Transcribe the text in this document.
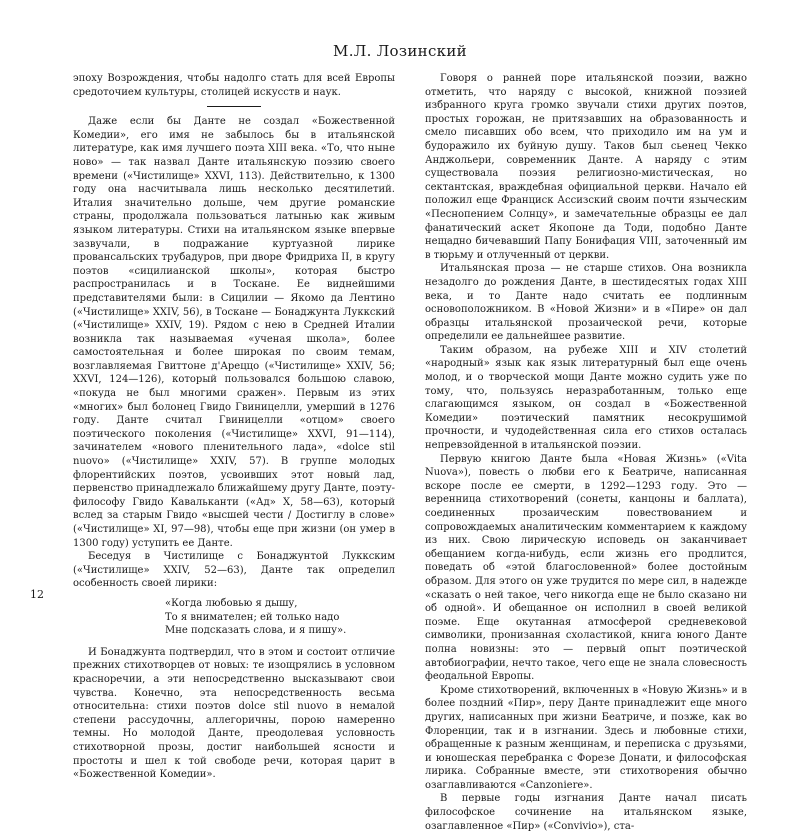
М.Л. Лозинский

эпоху Возрождения, чтобы надолго стать для всей Европы средоточием культуры, столицей искусств и наук.

Даже если бы Данте не создал «Божественной Комедии», его имя не забылось бы в итальянской литературе, как имя лучшего поэта XIII века. «То, что ныне ново» — так назвал Данте итальянскую поэзию своего времени («Чистилище» XXVI, 113). Действительно, к 1300 году она насчитывала лишь несколько десятилетий. Италия значительно дольше, чем другие романские страны, продолжала пользоваться латынью как живым языком литературы. Стихи на итальянском языке впервые зазвучали, в подражание куртуазной лирике провансальских трубадуров, при дворе Фридриха II, в кругу поэтов «сицилианской школы», которая быстро распространилась и в Тоскане. Ее виднейшими представителями были: в Сицилии — Якомо да Лентино («Чистилище» XXIV, 56), в Тоскане — Бонаджунта Луккский («Чистилище» XXIV, 19). Рядом с нею в Средней Италии возникла так называемая «ученая школа», более самостоятельная и более широкая по своим темам, возглавляемая Гвиттоне д'Ареццо («Чистилище» XXIV, 56; XXVI, 124—126), который пользовался большою славою, «покуда не был многими сражен». Первым из этих «многих» был болонец Гвидо Гвиницелли, умерший в 1276 году. Данте считал Гвиницелли «отцом» своего поэтического поколения («Чистилище» XXVI, 91—114), зачинателем «нового пленительного лада», «dolce stil nuovo» («Чистилище» XXIV, 57). В группе молодых флорентийских поэтов, усвоивших этот новый лад, первенство принадлежало ближайшему другу Данте, поэту-философу Гвидо Кавальканти («Ад» X, 58—63), который вслед за старым Гвидо «высшей чести / Достиглу в слове» («Чистилище» XI, 97—98), чтобы еще при жизни (он умер в 1300 году) уступить ее Данте.

Беседуя в Чистилище с Бонаджунтой Луккским («Чистилище» XXIV, 52—63), Данте так определил особенность своей лирики:

«Когда любовью я дышу,
То я внимателен; ей только надо
Мне подсказать слова, и я пишу».

И Бонаджунта подтвердил, что в этом и состоит отличие прежних стихотворцев от новых: те изощрялись в условном красноречии, а эти непосредственно высказывают свои чувства. Конечно, эта непосредственность весьма относительна: стихи поэтов dolce stil nuovo в немалой степени рассудочны, аллегоричны, порою намеренно темны. Но молодой Данте, преодолевая условность стихотворной прозы, достиг наибольшей ясности и простоты и шел к той свободе речи, которая царит в «Божественной Комедии».

Говоря о ранней поре итальянской поэзии, важно отметить, что наряду с высокой, книжной поэзией избранного круга громко звучали стихи других поэтов, простых горожан, не притязавших на образованность и смело писавших обо всем, что приходило им на ум и будоражило их буйную душу. Таков был сьенец Чекко Анджольери, современник Данте. А наряду с этим существовала поэзия религиозно-мистическая, но сектантская, враждебная официальной церкви. Начало ей положил еще Франциск Ассизский своим почти языческим «Песнопением Солнцу», и замечательные образцы ее дал фанатический аскет Якопоне да Тоди, подобно Данте нещадно бичевавший Папу Бонифация VIII, заточенный им в тюрьму и отлученный от церкви.

Итальянская проза — не старше стихов. Она возникла незадолго до рождения Данте, в шестидесятых годах XIII века, и то Данте надо считать ее подлинным основоположником. В «Новой Жизни» и в «Пире» он дал образцы итальянской прозаической речи, которые определили ее дальнейшее развитие.

Таким образом, на рубеже XIII и XIV столетий «народный» язык как язык литературный был еще очень молод, и о творческой мощи Данте можно судить уже по тому, что, пользуясь неразработанным, только еще слагающимся языком, он создал в «Божественной Комедии» поэтический памятник несокрушимой прочности, и чудодейственная сила его стихов осталась непревзойденной в итальянской поэзии.

Первую книгою Данте была «Новая Жизнь» («Vita Nuova»), повесть о любви его к Беатриче, написанная вскоре после ее смерти, в 1292—1293 году. Это — веренница стихотворений (сонеты, канцоны и баллата), соединенных прозаическим повествованием и сопровождаемых аналитическим комментарием к каждому из них. Свою лирическую исповедь он заканчивает обещанием когда-нибудь, если жизнь его продлится, поведать об «этой благословенной» более достойным образом. Для этого он уже трудится по мере сил, в надежде «сказать о ней такое, чего никогда еще не было сказано ни об одной». И обещанное он исполнил в своей великой поэме. Еще окутанная атмосферой средневековой символики, пронизанная схоластикой, книга юного Данте полна новизны: это — первый опыт поэтической автобиографии, нечто такое, чего еще не знала словесность феодальной Европы.

Кроме стихотворений, включенных в «Новую Жизнь» и в более поздний «Пир», перу Данте принадлежит еще много других, написанных при жизни Беатриче, и позже, как во Флоренции, так и в изгнании. Здесь и любовные стихи, обращенные к разным женщинам, и переписка с друзьями, и юношеская перебранка с Форезе Донати, и философская лирика. Собранные вместе, эти стихотворения обычно озаглавливаются «Canzoniere».

В первые годы изгнания Данте начал писать философское сочинение на итальянском языке, озаглавленное «Пир» («Convivio»), ста-

12
